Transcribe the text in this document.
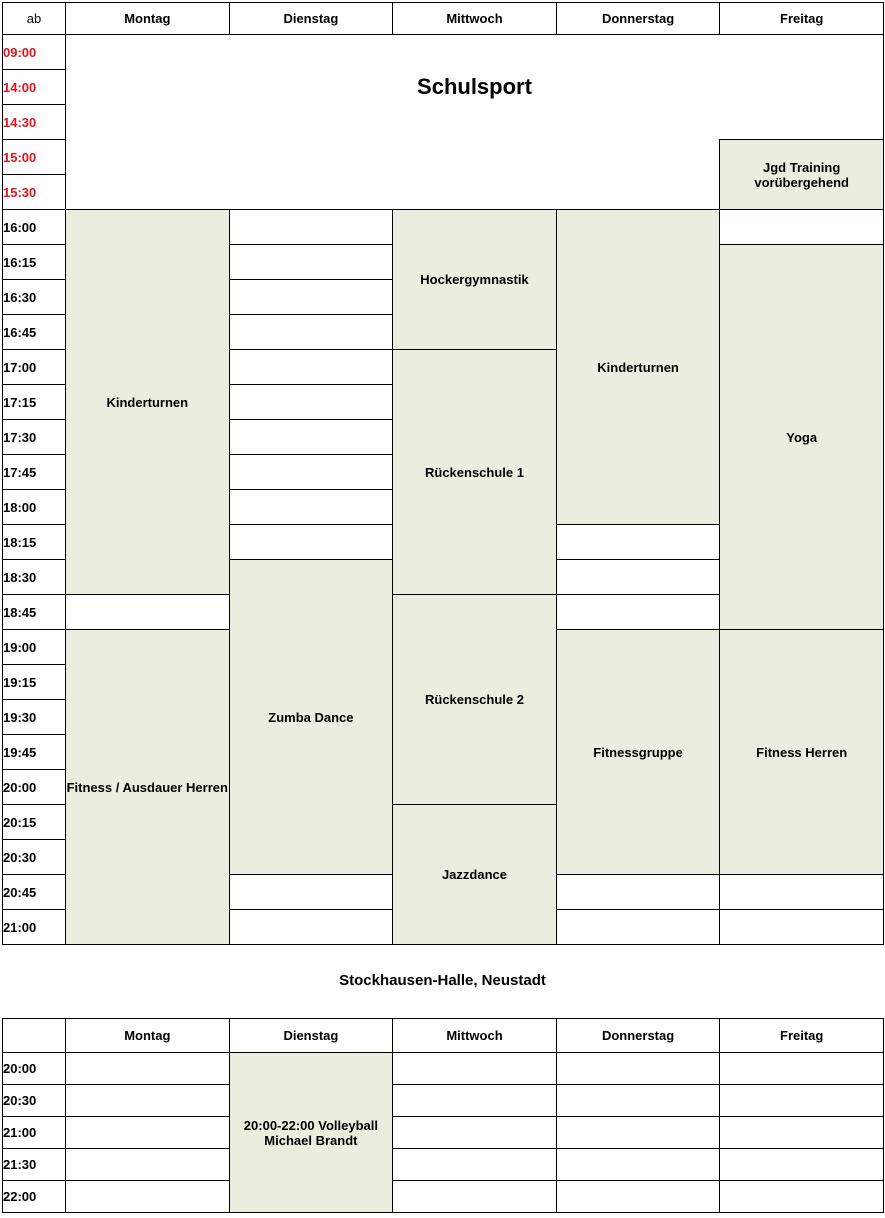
ab	Montag	Dienstag	Mittwoch	Donnerstag	Freitag
09:00	Schulsport				
14:00					
14:30					
15:00					Jgd Training vorübergehend
15:30					
16:00	Kinderturnen		Hockergymnastik	Kinderturnen	
16:15					Yoga
16:30					
16:45					
17:00			Rückenschule 1		
17:15					
17:30					
17:45					
18:00					
18:15					
18:30		Zumba Dance			
18:45			Rückenschule 2		
19:00	Fitness / Ausdauer Herren			Fitnessgruppe	Fitness Herren
19:15					
19:30					
19:45					
20:00					
20:15			Jazzdance		
20:30					
20:45					
21:00					
Stockhausen-Halle, Neustadt
	Montag	Dienstag	Mittwoch	Donnerstag	Freitag
20:00		20:00-22:00 Volleyball Michael Brandt			
20:30					
21:00					
21:30					
22:00					
